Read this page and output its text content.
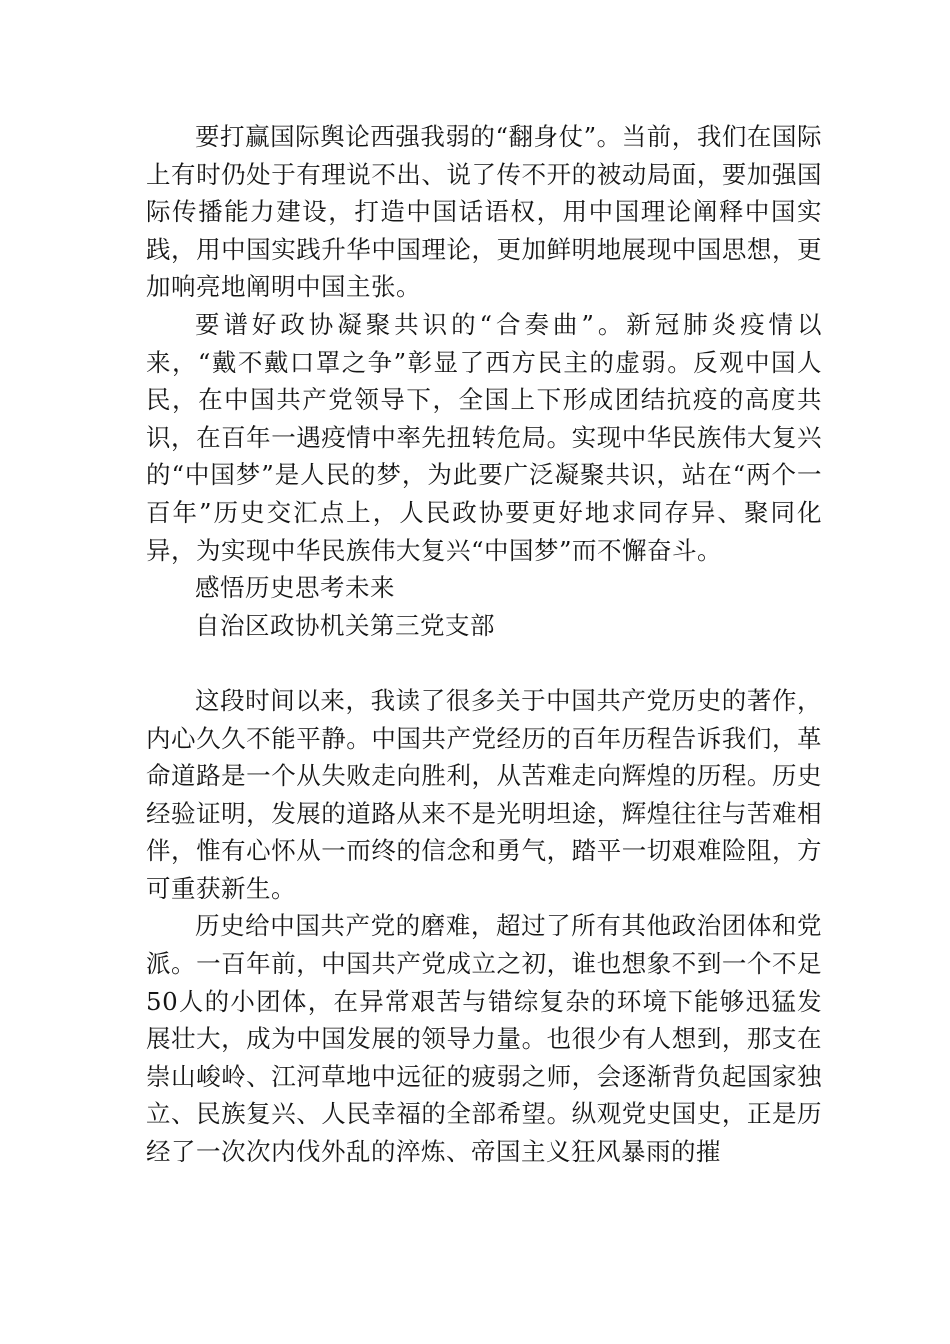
要打赢国际舆论西强我弱的“翻身仗”。当前，我们在国际上有时仍处于有理说不出、说了传不开的被动局面，要加强国际传播能力建设，打造中国话语权，用中国理论阐释中国实践，用中国实践升华中国理论，更加鲜明地展现中国思想，更加响亮地阐明中国主张。

要谱好政协凝聚共识的“合奏曲”。新冠肺炎疫情以来，“戴不戴口罩之争”彰显了西方民主的虚弱。反观中国人民，在中国共产党领导下，全国上下形成团结抗疫的高度共识，在百年一遇疫情中率先扭转危局。实现中华民族伟大复兴的“中国梦”是人民的梦，为此要广泛凝聚共识，站在“两个一百年”历史交汇点上，人民政协要更好地求同存异、聚同化异，为实现中华民族伟大复兴“中国梦”而不懈奋斗。

感悟历史思考未来

自治区政协机关第三党支部

这段时间以来，我读了很多关于中国共产党历史的著作，内心久久不能平静。中国共产党经历的百年历程告诉我们，革命道路是一个从失败走向胜利，从苦难走向辉煌的历程。历史经验证明，发展的道路从来不是光明坦途，辉煌往往与苦难相伴，惟有心怀从一而终的信念和勇气，踏平一切艰难险阻，方可重获新生。

历史给中国共产党的磨难，超过了所有其他政治团体和党派。一百年前，中国共产党成立之初，谁也想象不到一个不足50人的小团体，在异常艰苦与错综复杂的环境下能够迅猛发展壮大，成为中国发展的领导力量。也很少有人想到，那支在崇山峻岭、江河草地中远征的疲弱之师，会逐渐背负起国家独立、民族复兴、人民幸福的全部希望。纵观党史国史，正是历经了一次次内伐外乱的淬炼、帝国主义狂风暴雨的摧
